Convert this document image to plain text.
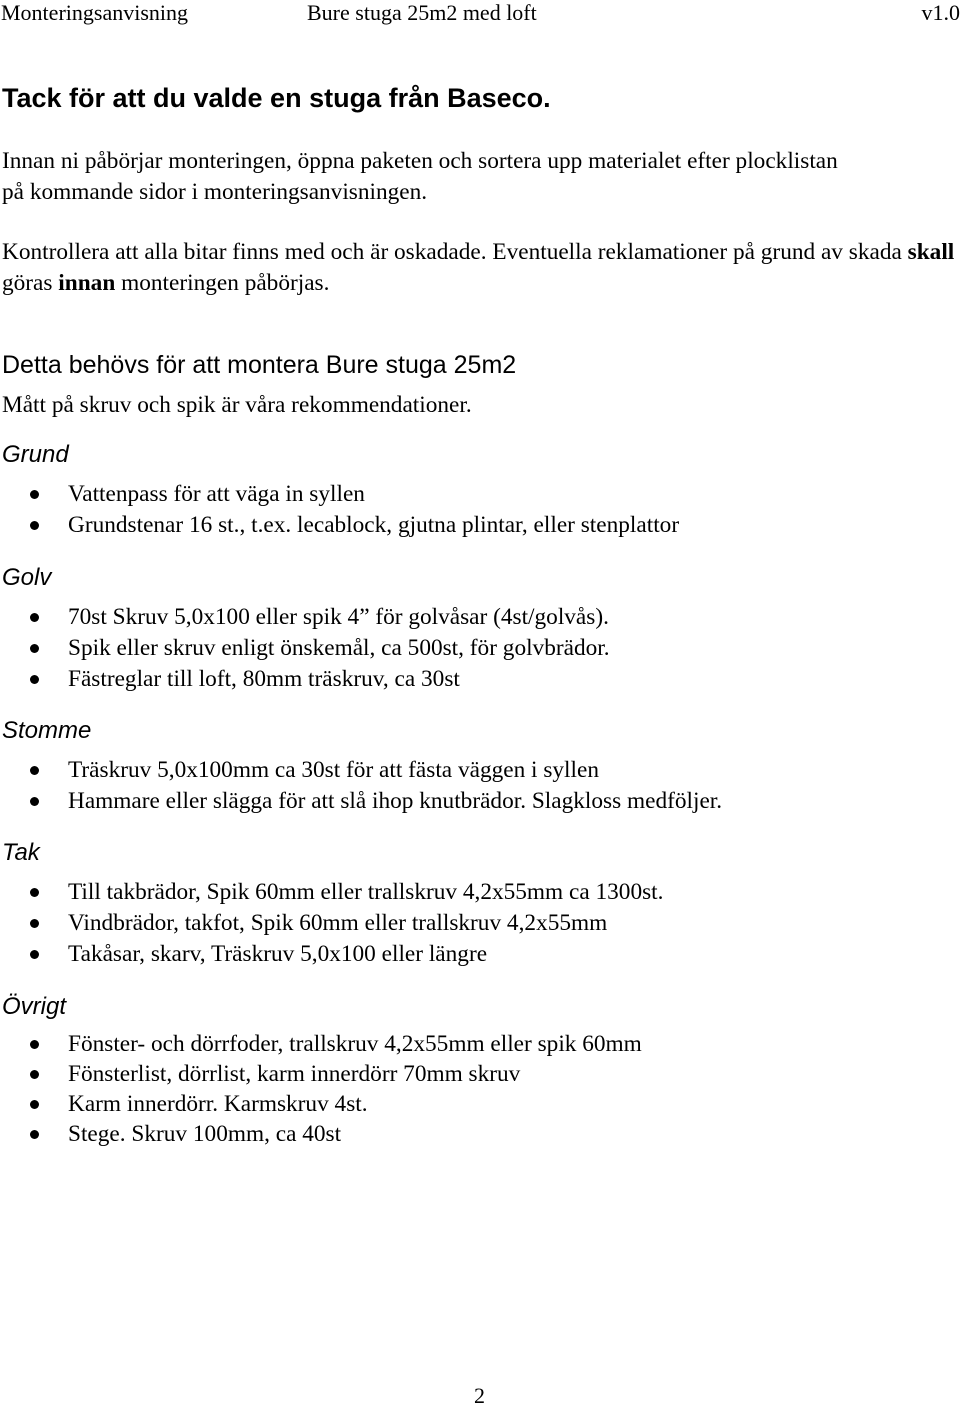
Monteringsanvisning	Bure stuga 25m2 med loft	v1.0
Tack för att du valde en stuga från Baseco.
Innan ni påbörjar monteringen, öppna paketen och sortera upp materialet efter plocklistan
på kommande sidor i monteringsanvisningen.
Kontrollera att alla bitar finns med och är oskadade. Eventuella reklamationer på grund av skada skall göras innan monteringen påbörjas.
Detta behövs för att montera Bure stuga 25m2
Mått på skruv och spik är våra rekommendationer.
Grund
Vattenpass för att väga in syllen
Grundstenar 16 st., t.ex. lecablock, gjutna plintar, eller stenplattor
Golv
70st Skruv 5,0x100 eller spik 4” för golvåsar (4st/golvås).
Spik eller skruv enligt önskemål, ca 500st, för golvbrädor.
Fästreglar till loft, 80mm träskruv, ca 30st
Stomme
Träskruv 5,0x100mm ca 30st för att fästa väggen i syllen
Hammare eller slägga för att slå ihop knutbrädor. Slagkloss medföljer.
Tak
Till takbrädor, Spik 60mm eller trallskruv 4,2x55mm ca 1300st.
Vindbrädor, takfot, Spik 60mm eller trallskruv 4,2x55mm
Takåsar, skarv, Träskruv 5,0x100 eller längre
Övrigt
Fönster- och dörrfoder, trallskruv 4,2x55mm eller spik 60mm
Fönsterlist, dörrlist, karm innerdörr 70mm skruv
Karm innerdörr. Karmskruv 4st.
Stege. Skruv 100mm, ca 40st
2
